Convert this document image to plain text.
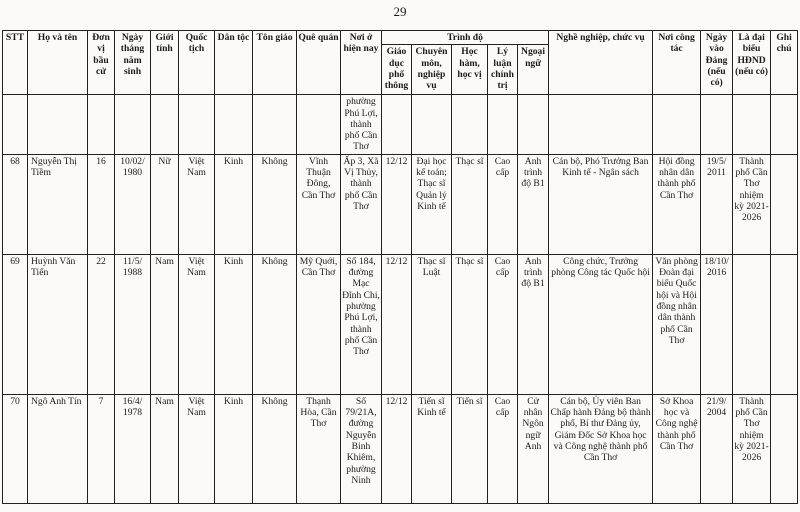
29
STT	Họ và tên	Đơn vị bầu cử	Ngày tháng năm sinh	Giới tính	Quốc tịch	Dân tộc	Tôn giáo	Quê quán	Nơi ở hiện nay	Trình độ					Nghề nghiệp, chức vụ	Nơi công tác	Ngày vào Đảng (nếu có)	Là đại biểu HĐND (nếu có)	Ghi chú
										Giáo dục phổ thông	Chuyên môn, nghiệp vụ	Học hàm, học vị	Lý luận chính trị	Ngoại ngữ					
									phường Phú Lợi, thành phố Cần Thơ										
68	Nguyễn Thị Tiềm	16	10/02/ 1980	Nữ	Việt Nam	Kinh	Không	Vĩnh Thuận Đông, Cần Thơ	Ấp 3, Xã Vị Thủy, thành phố Cần Thơ	12/12	Đại học kế toán; Thạc sĩ Quản lý Kinh tế	Thạc sĩ	Cao cấp	Anh trình độ B1	Cán bộ, Phó Trưởng Ban Kinh tế - Ngân sách	Hội đồng nhân dân thành phố Cần Thơ	19/5/ 2011	Thành phố Cần Thơ nhiệm kỳ 2021-2026	
69	Huỳnh Văn Tiến	22	11/5/ 1988	Nam	Việt Nam	Kinh	Không	Mỹ Quới, Cần Thơ	Số 184, đường Mạc Đĩnh Chi, phường Phú Lợi, thành phố Cần Thơ	12/12	Thạc sĩ Luật	Thạc sĩ	Cao cấp	Anh trình độ B1	Công chức, Trưởng phòng Công tác Quốc hội	Văn phòng Đoàn đại biểu Quốc hội và Hội đồng nhân dân thành phố Cần Thơ	18/10/ 2016		
70	Ngô Anh Tín	7	16/4/ 1978	Nam	Việt Nam	Kinh	Không	Thạnh Hòa, Cần Thơ	Số 79/21A, đường Nguyễn Bỉnh Khiêm, phường Ninh	12/12	Tiến sĩ Kinh tế	Tiến sĩ	Cao cấp	Cử nhân Ngôn ngữ Anh	Cán bộ, Ủy viên Ban Chấp hành Đảng bộ thành phố, Bí thư Đảng ủy, Giám Đốc Sở Khoa học và Công nghệ thành phố Cần Thơ	Sở Khoa học và Công nghệ thành phố Cần Thơ	21/9/ 2004	Thành phố Cần Thơ nhiệm kỳ 2021-2026	
